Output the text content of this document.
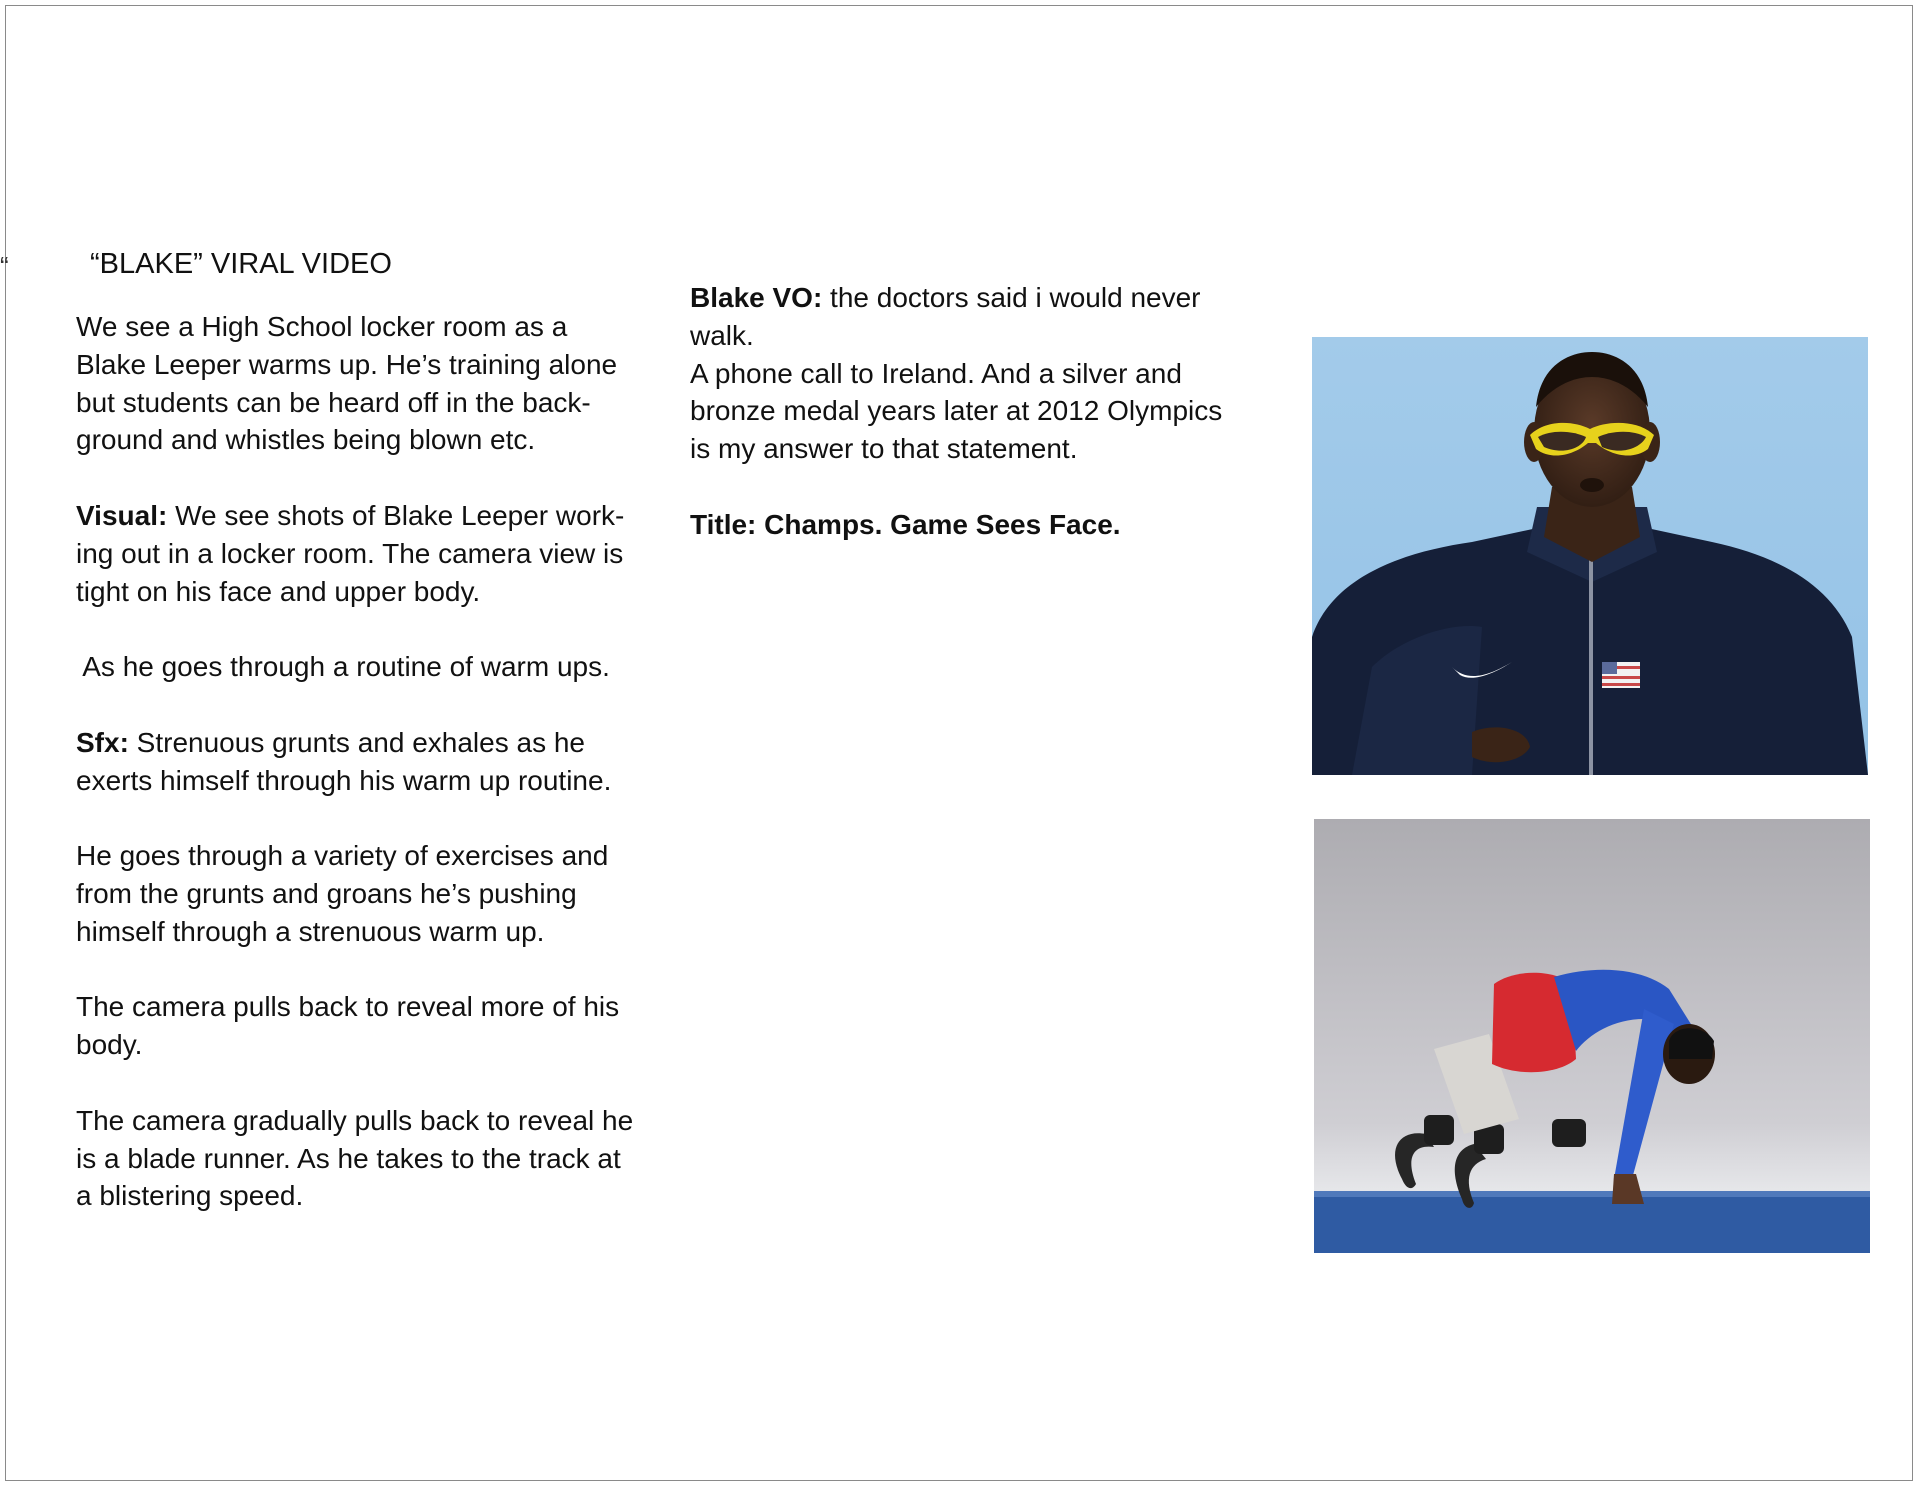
“	“BLAKE” VIRAL VIDEO

We see a High School locker room as a Blake Leeper warms up. He’s training alone but students can be heard off in the back-ground and whistles being blown etc.

Visual: We see shots of Blake Leeper work-ing out in a locker room. The camera view is tight on his face and upper body.

As he goes through a routine of warm ups.

Sfx: Strenuous grunts and exhales as he exerts himself through his warm up routine.

He goes through a variety of exercises and from the grunts and groans he’s pushing himself through a strenuous warm up.

The camera pulls back to reveal more of his body.

The camera gradually pulls back to reveal he is a blade runner. As he takes to the track at a blistering speed.

Blake VO: the doctors said i would never walk.

A phone call to Ireland. And a silver and bronze medal years later at 2012 Olympics is my answer to that statement.

Title: Champs. Game Sees Face.
